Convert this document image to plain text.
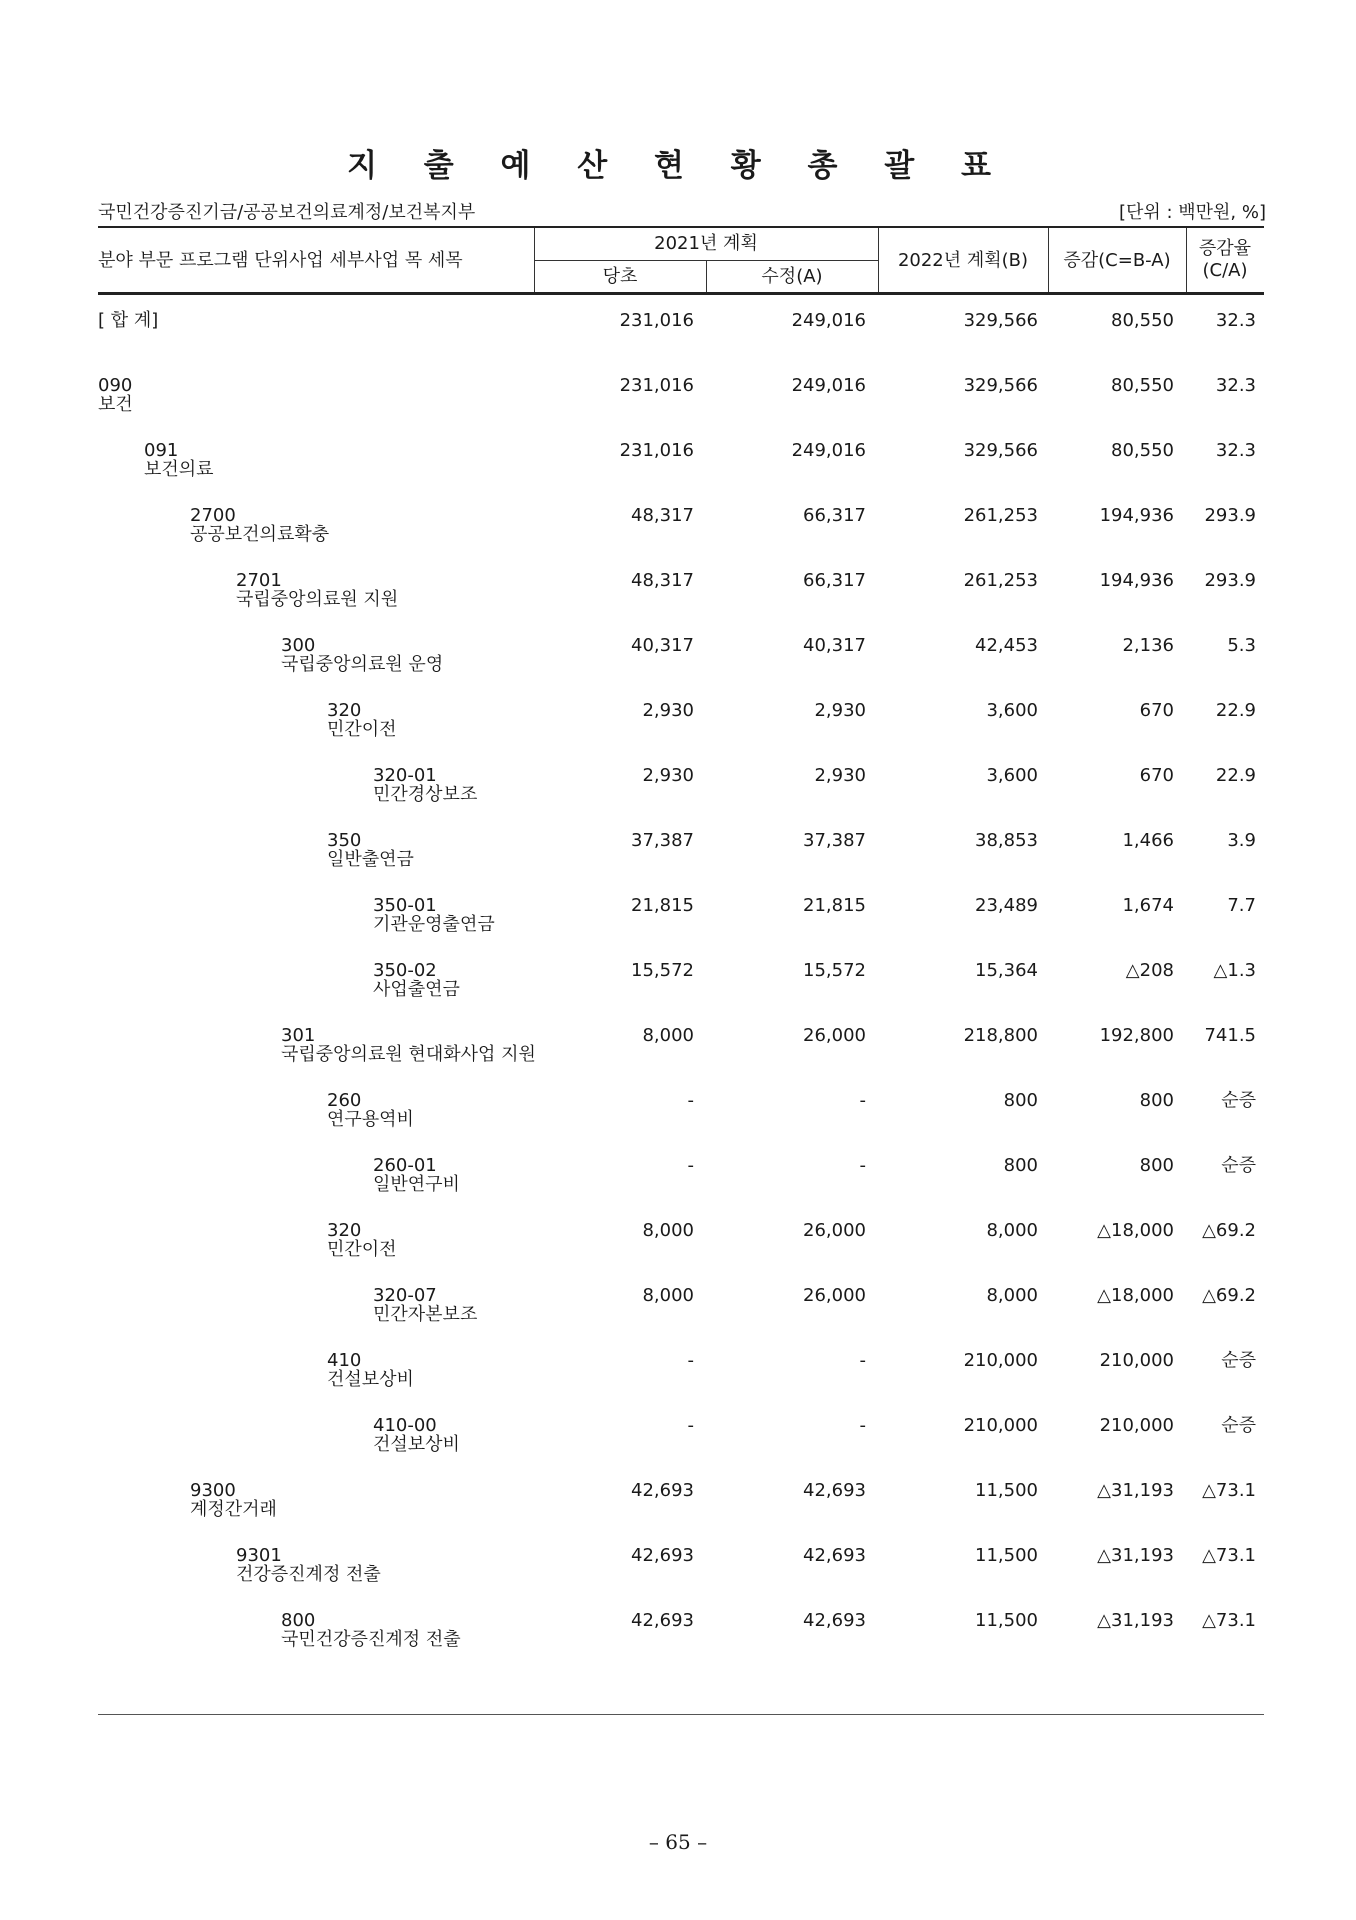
지 출 예 산 현 황 총 괄 표
국민건강증진기금/공공보건의료계정/보건복지부	[단위 : 백만원, %]
분야 부문 프로그램 단위사업 세부사업 목 세목
2021년 계획
당초	수정(A)
2022년 계획(B)	증감(C=B-A)
증감율
(C/A)
[ 합 계]	231,016	249,016	329,566	80,550 32.3
090
보건
231,016	249,016	329,566	80,550 32.3
091
보건의료
231,016	249,016	329,566	80,550 32.3
2700
공공보건의료확충
48,317	66,317	261,253	194,936 293.9
2701
국립중앙의료원 지원
48,317	66,317	261,253	194,936 293.9
300
국립중앙의료원 운영
40,317	40,317	42,453	2,136	5.3
320
민간이전
2,930	2,930	3,600	670 22.9
320-01
민간경상보조
2,930	2,930	3,600	670 22.9
350
일반출연금
37,387	37,387	38,853	1,466	3.9
350-01
기관운영출연금
21,815	21,815	23,489	1,674	7.7
350-02
사업출연금
15,572	15,572	15,364	△208 △1.3
301
국립중앙의료원 현대화사업 지원
8,000	26,000	218,800	192,800 741.5
260
연구용역비
-	-	800	800	순증
260-01
일반연구비
-	-	800	800	순증
320
민간이전
8,000	26,000	8,000	△18,000 △69.2
320-07
민간자본보조
8,000	26,000	8,000	△18,000 △69.2
410
건설보상비
-	-	210,000	210,000	순증
410-00
건설보상비
-	-	210,000	210,000	순증
9300
계정간거래
42,693	42,693	11,500	△31,193 △73.1
9301
건강증진계정 전출
42,693	42,693	11,500	△31,193 △73.1
800
국민건강증진계정 전출
42,693	42,693	11,500	△31,193 △73.1
– 65 –
